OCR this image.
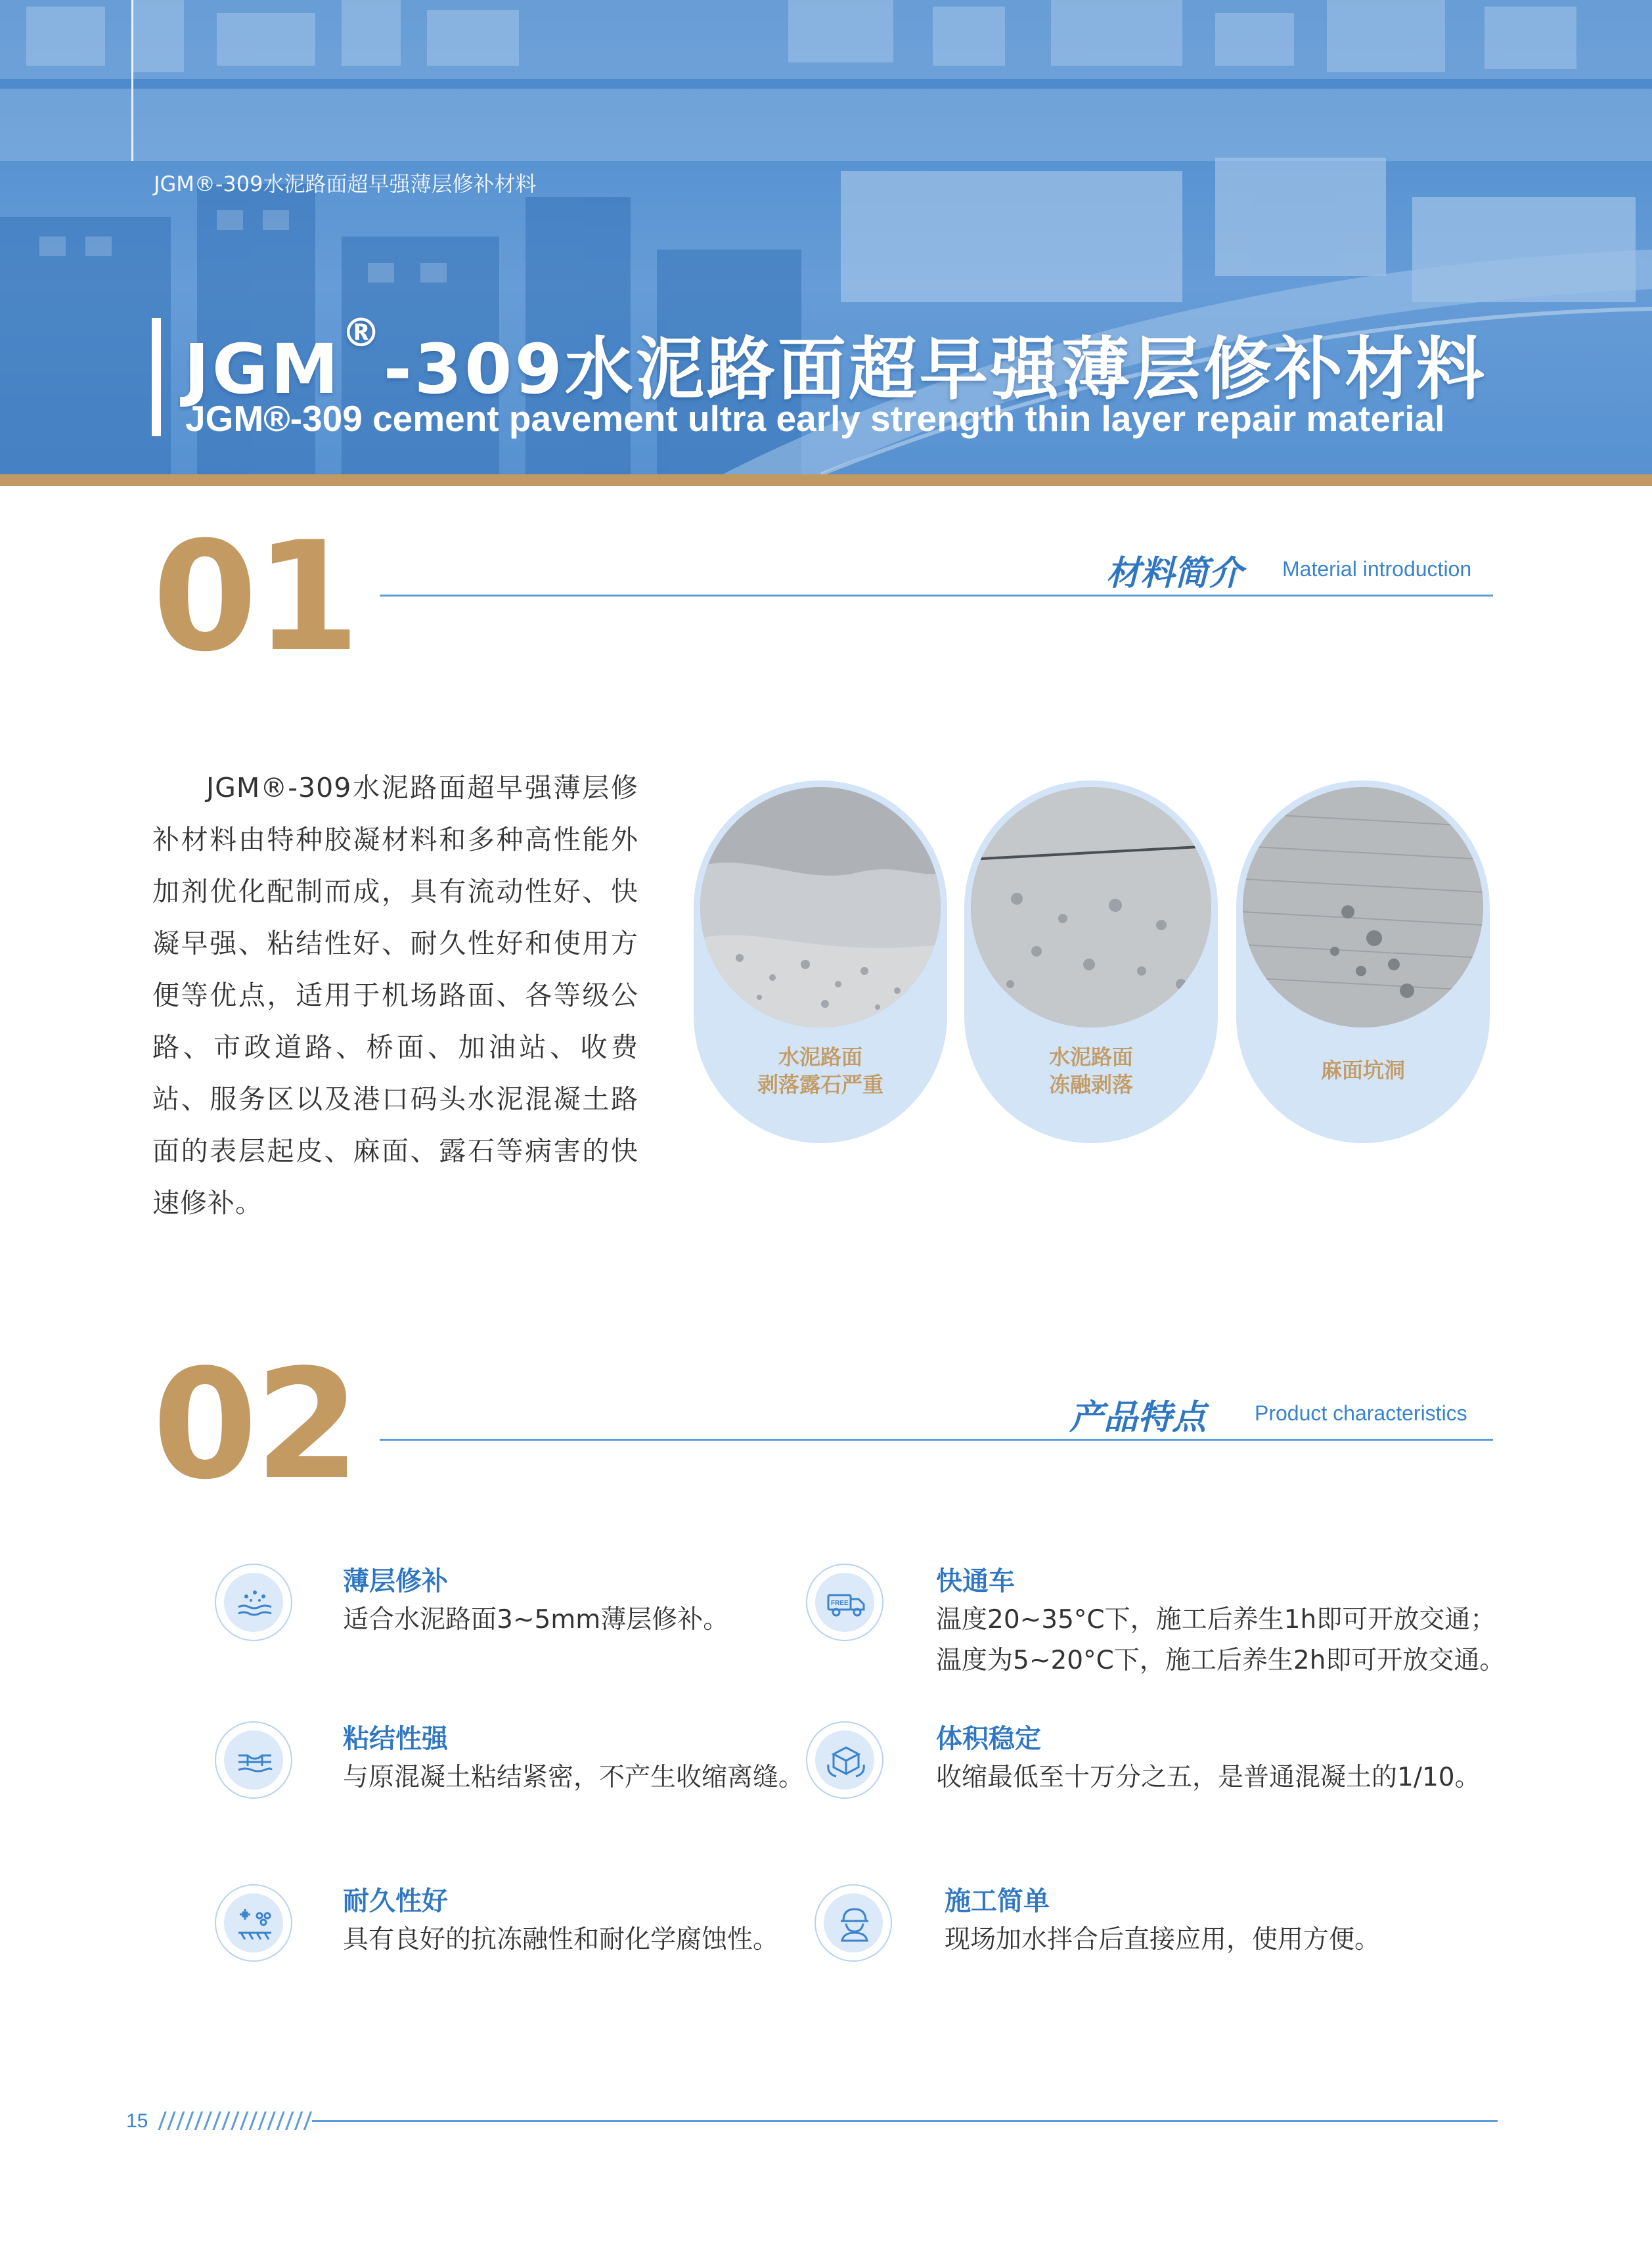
JGM®-309水泥路面超早强薄层修补材料
JGM®-309水泥路面超早强薄层修补材料
JGM®-309 cement pavement ultra early strength thin layer repair material
01	材料简介 Material introduction
JGM®-309水泥路面超早强薄层修补材料由特种胶凝材料和多种高性能外加剂优化配制而成，具有流动性好、快凝早强、粘结性好、耐久性好和使用方便等优点，适用于机场路面、各等级公路、市政道路、桥面、加油站、收费站、服务区以及港口码头水泥混凝土路面的表层起皮、麻面、露石等病害的快速修补。
水泥路面
剥落露石严重
水泥路面
冻融剥落
麻面坑洞
02	产品特点 Product characteristics
薄层修补
适合水泥路面3~5mm薄层修补。
FREE
快通车
温度20~35°C下，施工后养生1h即可开放交通；
温度为5~20°C下，施工后养生2h即可开放交通。
粘结性强
与原混凝土粘结紧密，不产生收缩离缝。
体积稳定
收缩最低至十万分之五，是普通混凝土的1/10。
耐久性好
具有良好的抗冻融性和耐化学腐蚀性。
施工简单
现场加水拌合后直接应用，使用方便。
15
